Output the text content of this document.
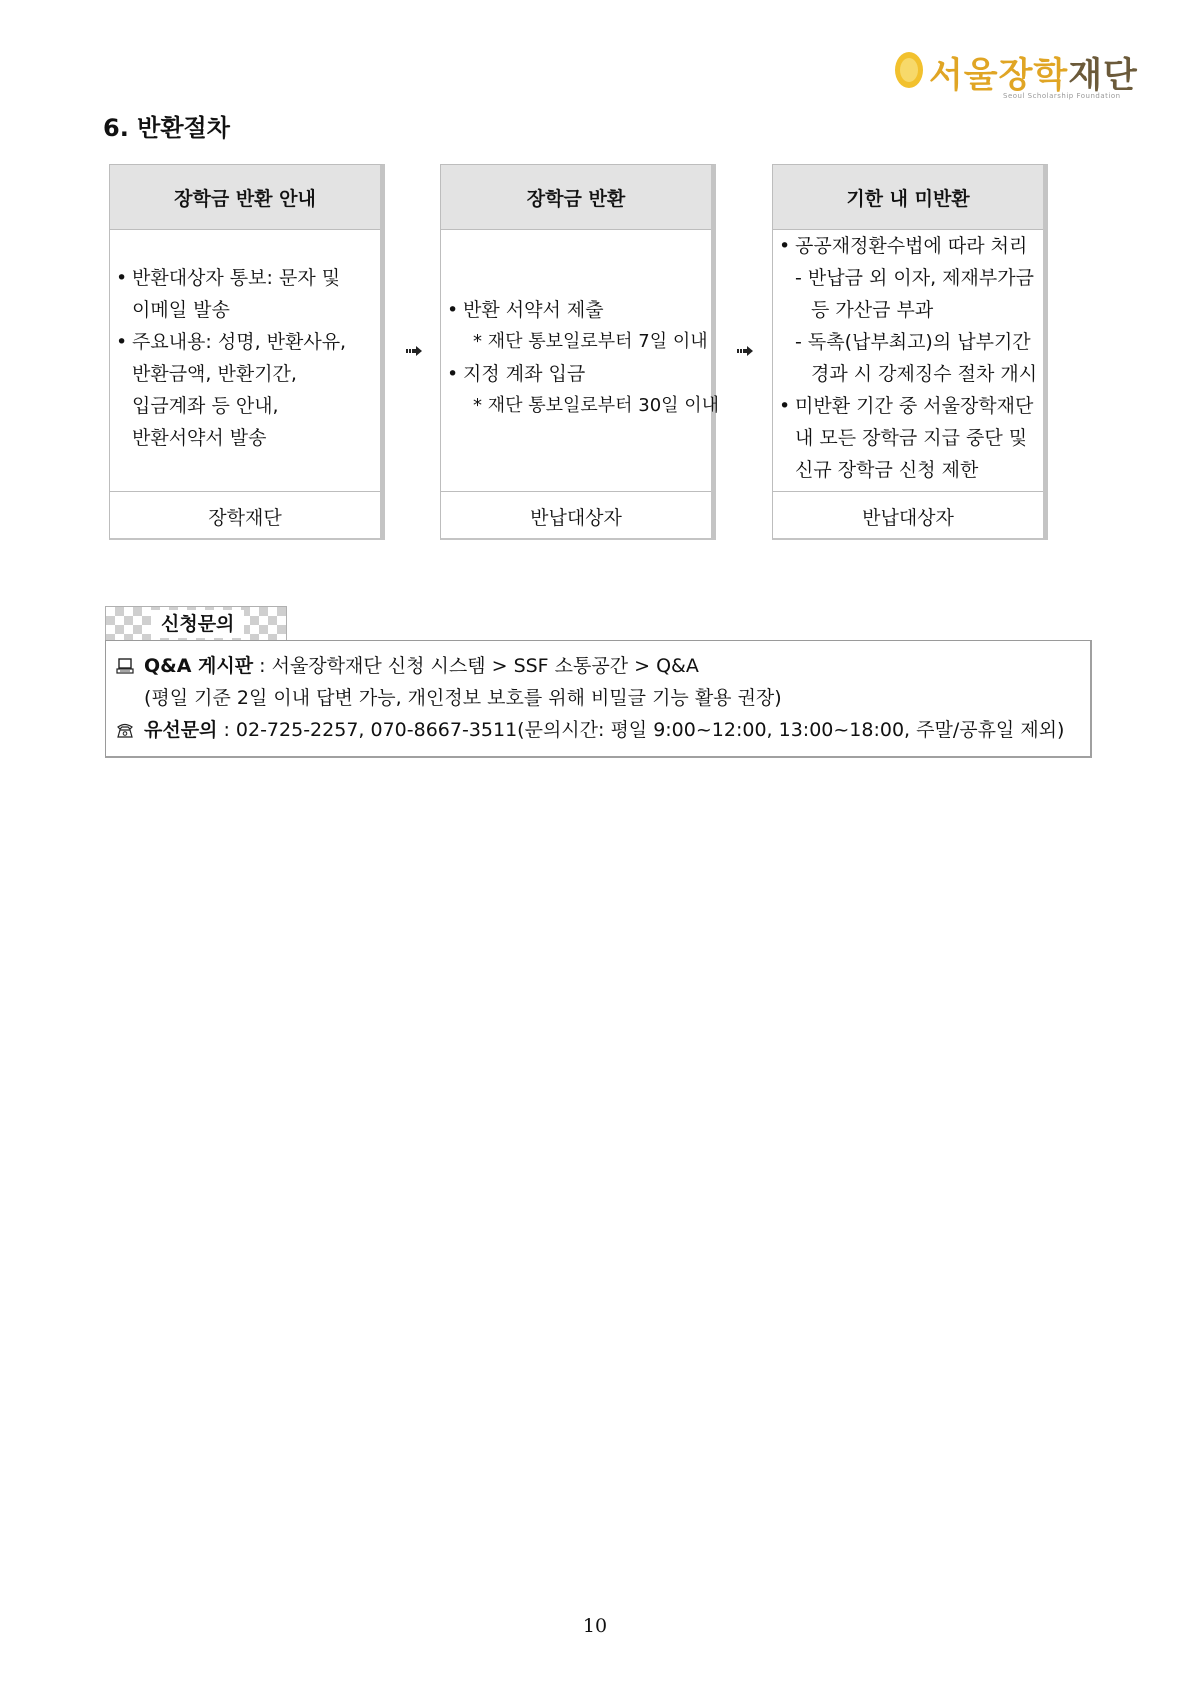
서울장학재단
Seoul Scholarship Foundation
6. 반환절차
장학금 반환 안내
• 반환대상자 통보: 문자 및
이메일 발송
• 주요내용: 성명, 반환사유,
반환금액, 반환기간,
입금계좌 등 안내,
반환서약서 발송
장학재단
장학금 반환
• 반환 서약서 제출
* 재단 통보일로부터 7일 이내
• 지정 계좌 입금
* 재단 통보일로부터 30일 이내
반납대상자
기한 내 미반환
• 공공재정환수법에 따라 처리
- 반납금 외 이자, 제재부가금
등 가산금 부과
- 독촉(납부최고)의 납부기간
경과 시 강제징수 절차 개시
• 미반환 기간 중 서울장학재단
내 모든 장학금 지급 중단 및
신규 장학금 신청 제한
반납대상자
신청문의
Q&A 게시판 : 서울장학재단 신청 시스템 > SSF 소통공간 > Q&A
(평일 기준 2일 이내 답변 가능, 개인정보 보호를 위해 비밀글 기능 활용 권장)
유선문의 : 02-725-2257, 070-8667-3511(문의시간: 평일 9:00~12:00, 13:00~18:00, 주말/공휴일 제외)
10
